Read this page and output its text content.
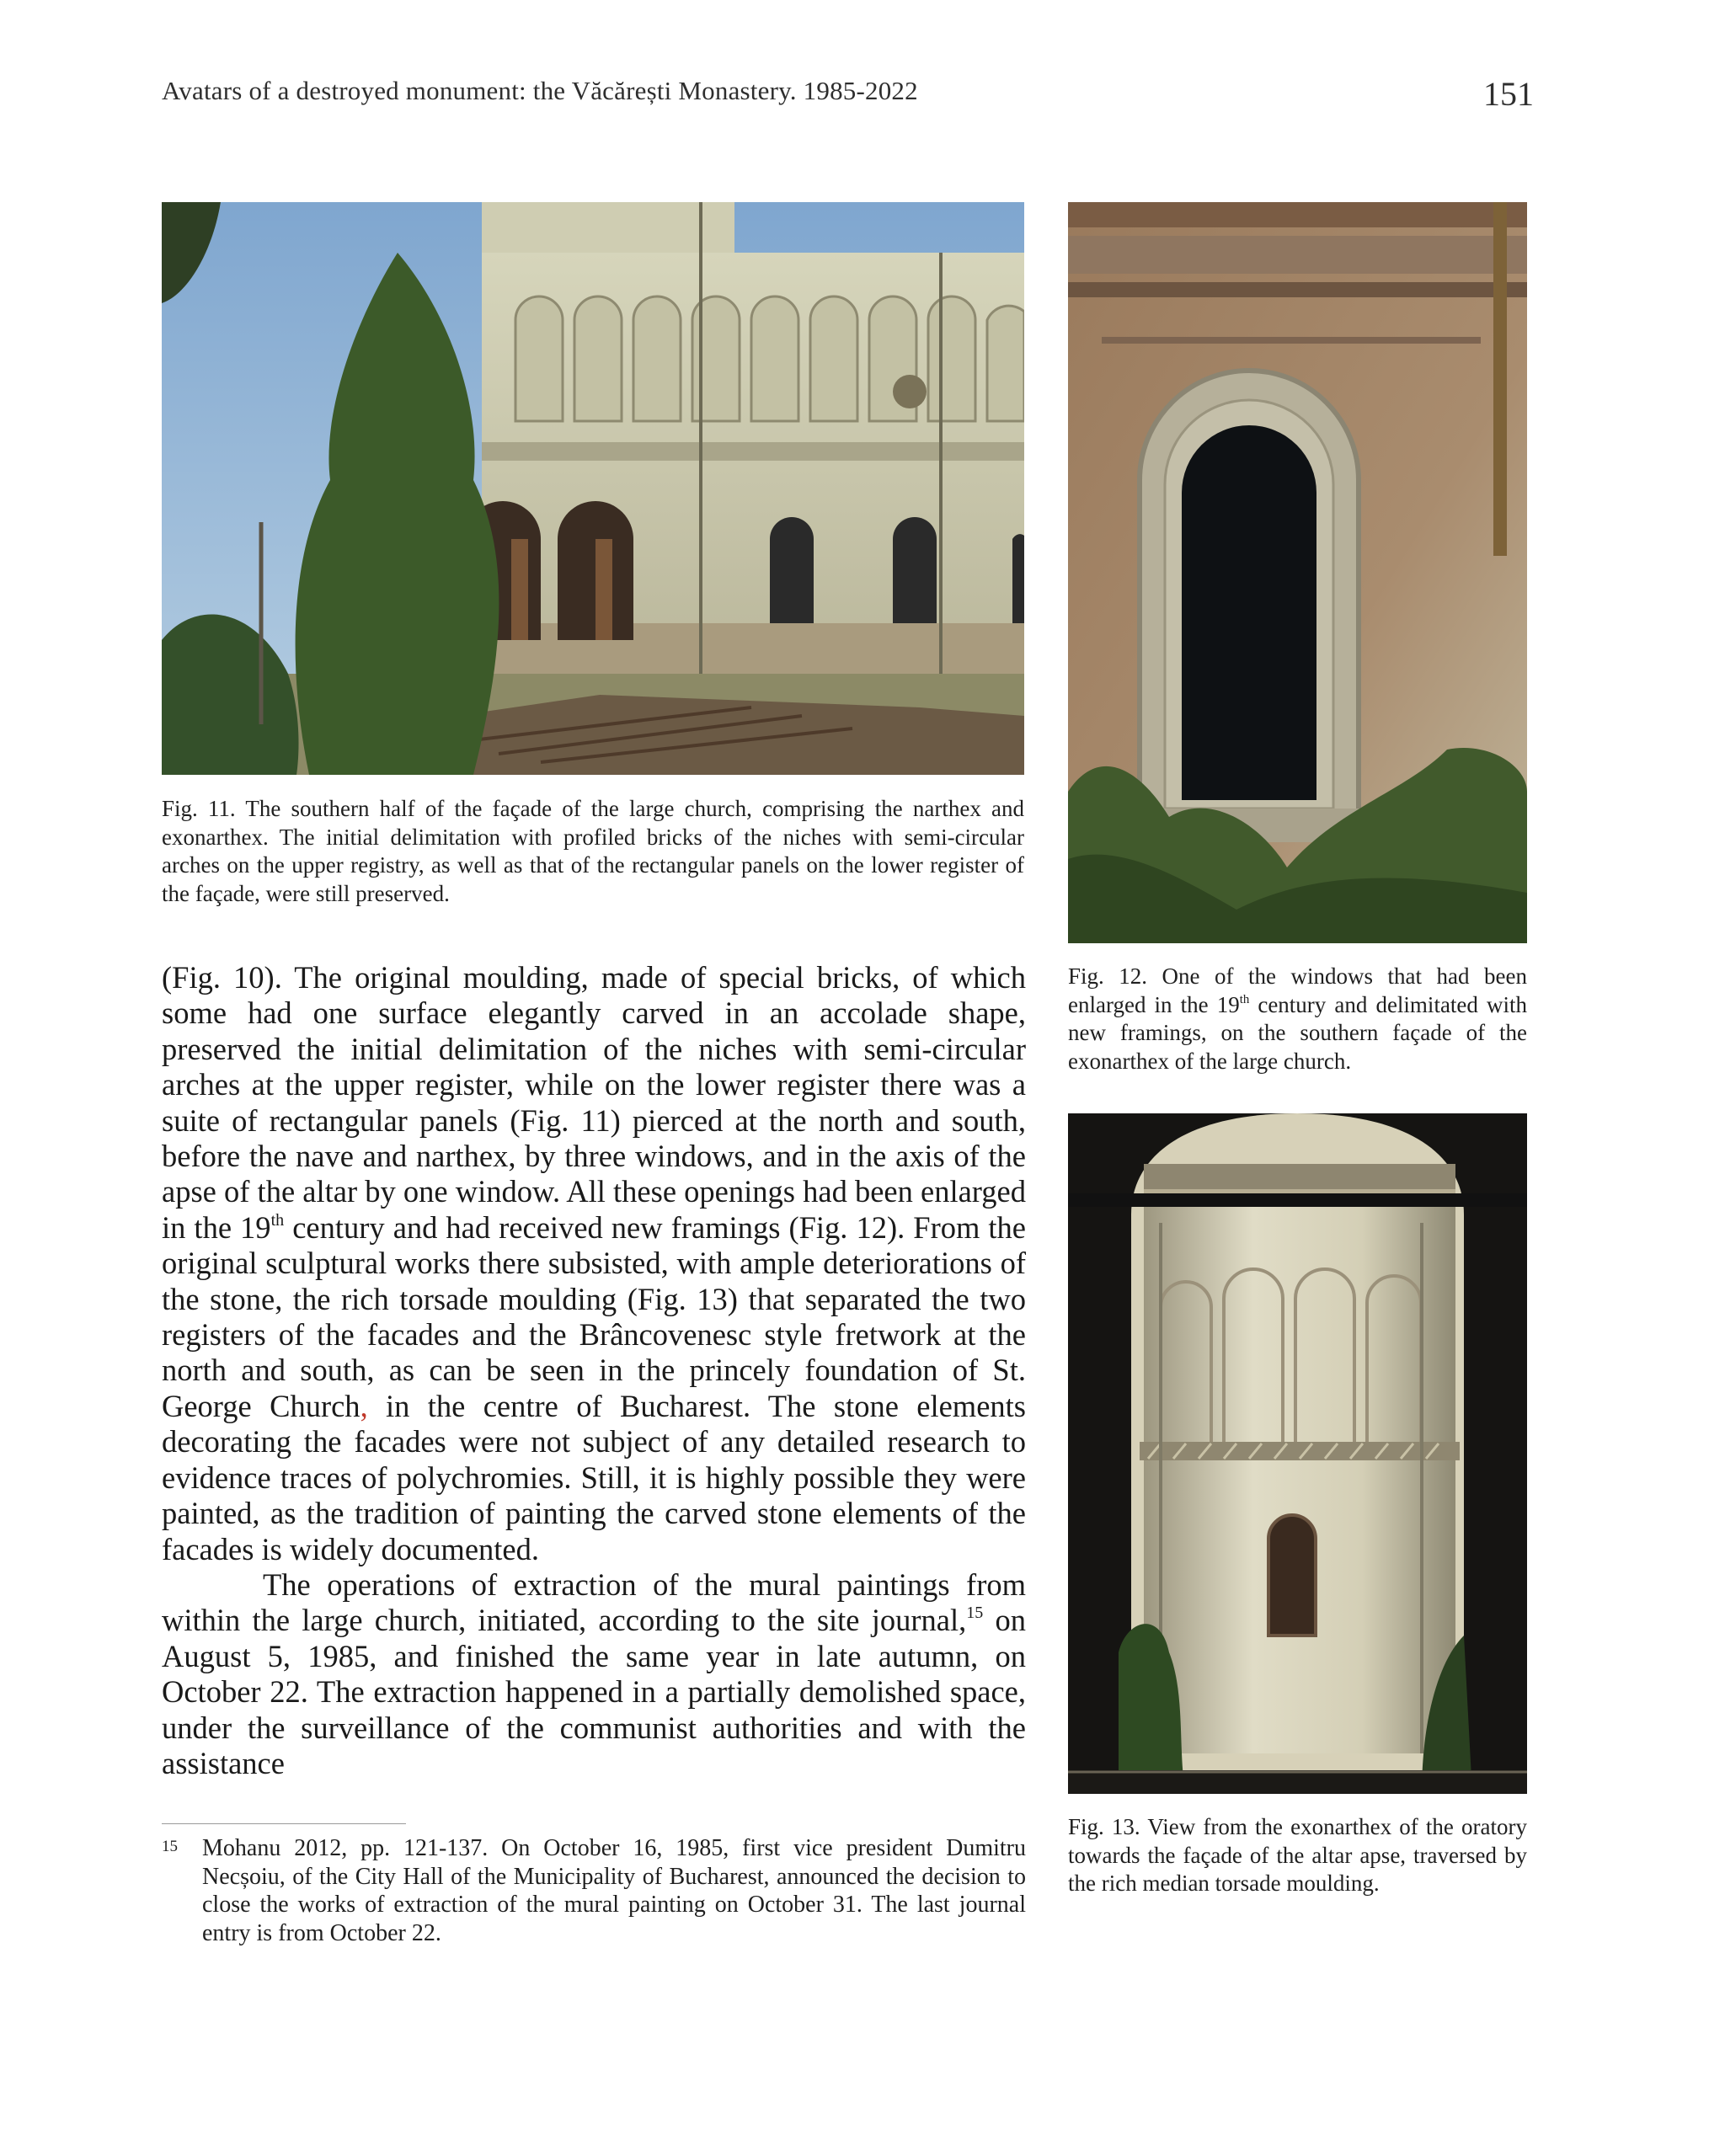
Avatars of a destroyed monument: the Văcărești Monastery. 1985-2022	151
Fig. 11. The southern half of the façade of the large church, comprising the narthex and exonarthex. The initial delimitation with profiled bricks of the niches with semi-circular arches on the upper registry, as well as that of the rectangular panels on the lower register of the façade, were still preserved.
Fig. 12. One of the windows that had been enlarged in the 19th century and delimitated with new framings, on the southern façade of the exonarthex of the large church.
Fig. 13. View from the exonarthex of the oratory towards the façade of the altar apse, traversed by the rich median torsade moulding.

(Fig. 10). The original moulding, made of special bricks, of which some had one surface elegantly carved in an accolade shape, preserved the initial delimitation of the niches with semi-circular arches at the upper register, while on the lower register there was a suite of rectangular panels (Fig. 11) pierced at the north and south, before the nave and narthex, by three windows, and in the axis of the apse of the altar by one window. All these openings had been enlarged in the 19th century and had received new framings (Fig. 12). From the original sculptural works there subsisted, with ample deteriorations of the stone, the rich torsade moulding (Fig. 13) that separated the two registers of the facades and the Brâncovenesc style fretwork at the north and south, as can be seen in the princely foundation of St. George Church, in the centre of Bucharest. The stone elements decorating the facades were not subject of any detailed research to evidence traces of polychromies. Still, it is highly possible they were painted, as the tradition of painting the carved stone elements of the facades is widely documented.

The operations of extraction of the mural paintings from within the large church, initiated, according to the site journal,$^{15}$ on August 5, 1985, and finished the same year in late autumn, on October 22. The extraction happened in a partially demolished space, under the surveillance of the communist authorities and with the assistance

15 Mohanu 2012, pp. 121-137. On October 16, 1985, first vice president Dumitru Necșoiu, of the City Hall of the Municipality of Bucharest, announced the decision to close the works of extraction of the mural painting on October 31. The last journal entry is from October 22.
